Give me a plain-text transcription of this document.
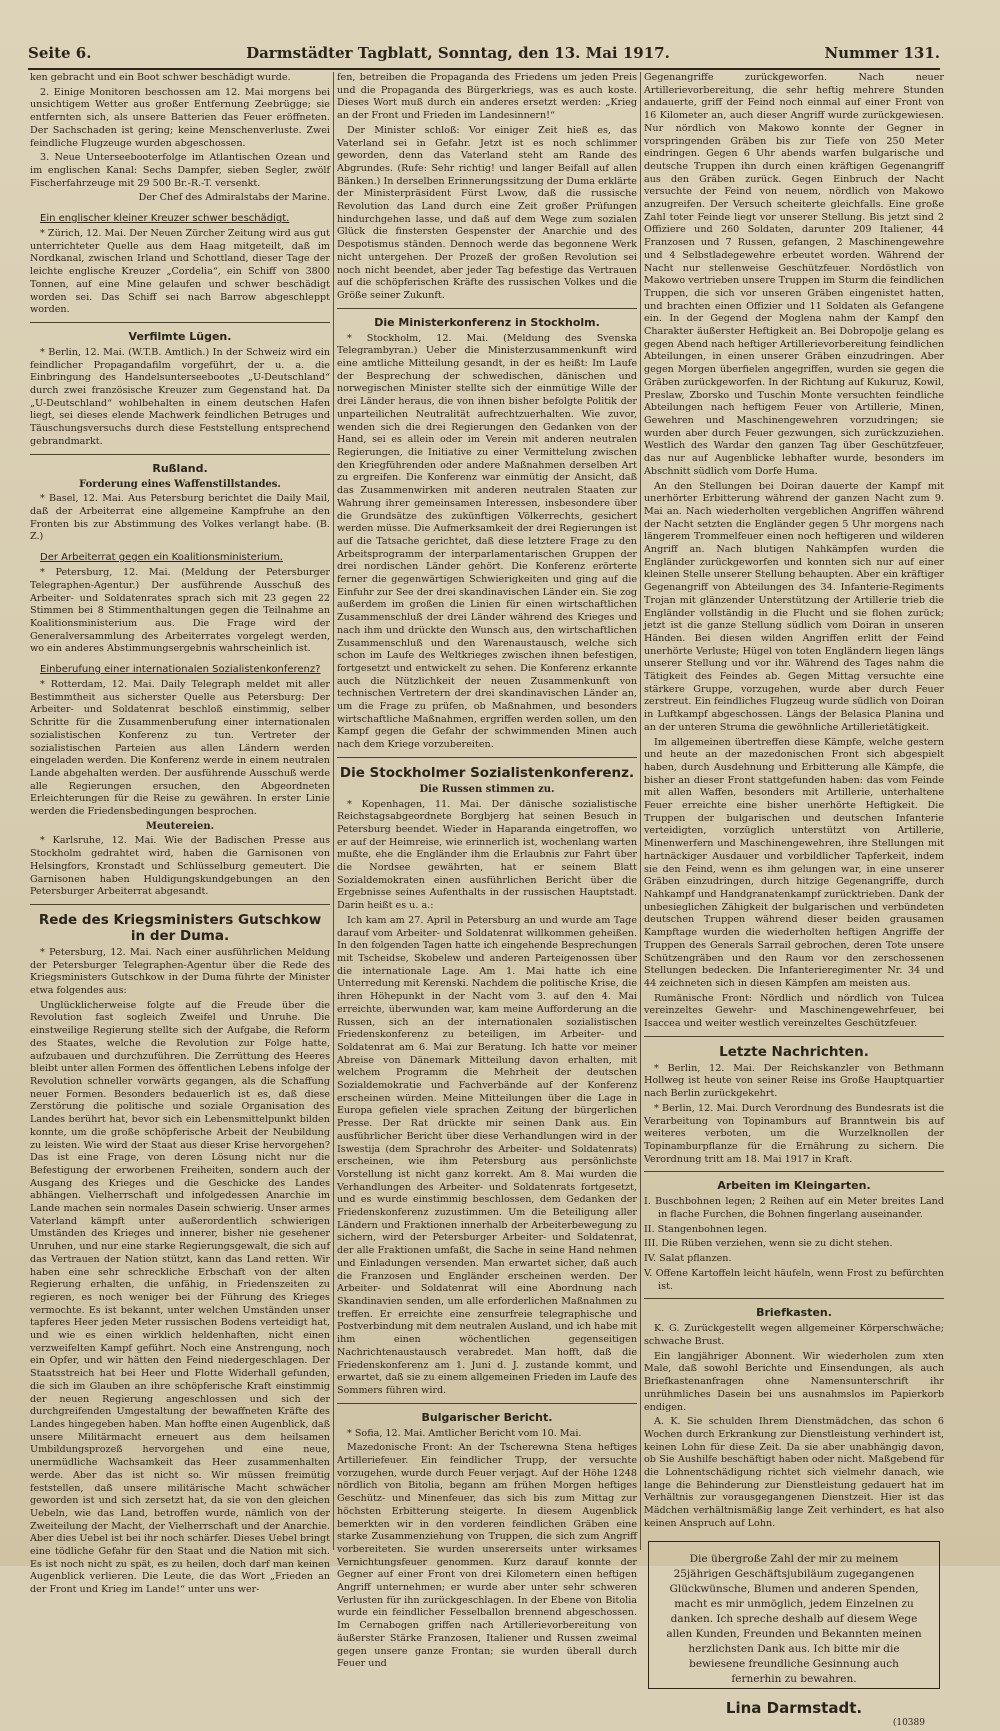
Seite 6.	Darmstädter Tagblatt, Sonntag, den 13. Mai 1917.	Nummer 131.

ken gebracht und ein Boot schwer beschädigt wurde.

2. Einige Monitoren beschossen am 12. Mai morgens bei unsichtigem Wetter aus großer Entfernung Zeebrügge; sie entfernten sich, als unsere Batterien das Feuer eröffneten. Der Sachschaden ist gering; keine Menschenverluste. Zwei feindliche Flugzeuge wurden abgeschossen.

3. Neue Unterseebooterfolge im Atlantischen Ozean und im englischen Kanal: Sechs Dampfer, sieben Segler, zwölf Fischerfahrzeuge mit 29 500 Br.-R.-T. versenkt.

Der Chef des Admiralstabs der Marine.

Ein englischer kleiner Kreuzer schwer beschädigt.

* Zürich, 12. Mai. Der Neuen Zürcher Zeitung wird aus gut unterrichteter Quelle aus dem Haag mitgeteilt, daß im Nordkanal, zwischen Irland und Schottland, dieser Tage der leichte englische Kreuzer „Cordelia“, ein Schiff von 3800 Tonnen, auf eine Mine gelaufen und schwer beschädigt worden sei. Das Schiff sei nach Barrow abgeschleppt worden.

Verfilmte Lügen.

* Berlin, 12. Mai. (W.T.B. Amtlich.) In der Schweiz wird ein feindlicher Propagandafilm vorgeführt, der u. a. die Einbringung des Handelsunterseebootes „U-Deutschland“ durch zwei französische Kreuzer zum Gegenstand hat. Da „U-Deutschland“ wohlbehalten in einem deutschen Hafen liegt, sei dieses elende Machwerk feindlichen Betruges und Täuschungsversuchs durch diese Feststellung entsprechend gebrandmarkt.

Rußland.
Forderung eines Waffenstillstandes.

* Basel, 12. Mai. Aus Petersburg berichtet die Daily Mail, daß der Arbeiterrat eine allgemeine Kampfruhe an den Fronten bis zur Abstimmung des Volkes verlangt habe. (B. Z.)

Der Arbeiterrat gegen ein Koalitionsministerium.

* Petersburg, 12. Mai. (Meldung der Petersburger Telegraphen-Agentur.) Der ausführende Ausschuß des Arbeiter- und Soldatenrates sprach sich mit 23 gegen 22 Stimmen bei 8 Stimmenthaltungen gegen die Teilnahme an Koalitionsministerium aus. Die Frage wird der Generalversammlung des Arbeiterrates vorgelegt werden, wo ein anderes Abstimmungsergebnis wahrscheinlich ist.

Einberufung einer internationalen Sozialistenkonferenz?

* Rotterdam, 12. Mai. Daily Telegraph meldet mit aller Bestimmtheit aus sicherster Quelle aus Petersburg: Der Arbeiter- und Soldatenrat beschloß einstimmig, selber Schritte für die Zusammenberufung einer internationalen sozialistischen Konferenz zu tun. Vertreter der sozialistischen Parteien aus allen Ländern werden eingeladen werden. Die Konferenz werde in einem neutralen Lande abgehalten werden. Der ausführende Ausschuß werde alle Regierungen ersuchen, den Abgeordneten Erleichterungen für die Reise zu gewähren. In erster Linie werden die Friedensbedingungen besprochen.

Meutereien.

* Karlsruhe, 12. Mai. Wie der Badischen Presse aus Stockholm gedrahtet wird, haben die Garnisonen von Helsingfors, Kronstadt und Schlüsselburg gemeutert. Die Garnisonen haben Huldigungskundgebungen an den Petersburger Arbeiterrat abgesandt.

Rede des Kriegsministers Gutschkow in der Duma.

* Petersburg, 12. Mai. Nach einer ausführlichen Meldung der Petersburger Telegraphen-Agentur über die Rede des Kriegsministers Gutschkow in der Duma führte der Minister etwa folgendes aus:

Unglücklicherweise folgte auf die Freude über die Revolution fast sogleich Zweifel und Unruhe. Die einstweilige Regierung stellte sich der Aufgabe, die Reform des Staates, welche die Revolution zur Folge hatte, aufzubauen und durchzuführen. Die Zerrüttung des Heeres bleibt unter allen Formen des öffentlichen Lebens infolge der Revolution schneller vorwärts gegangen, als die Schaffung neuer Formen. Besonders bedauerlich ist es, daß diese Zerstörung die politische und soziale Organisation des Landes berührt hat, bevor sich ein Lebensmittelpunkt bilden konnte, um die große schöpferische Arbeit der Neubildung zu leisten. Wie wird der Staat aus dieser Krise hervorgehen? Das ist eine Frage, von deren Lösung nicht nur die Befestigung der erworbenen Freiheiten, sondern auch der Ausgang des Krieges und die Geschicke des Landes abhängen. Vielherrschaft und infolgedessen Anarchie im Lande machen sein normales Dasein schwierig. Unser armes Vaterland kämpft unter außerordentlich schwierigen Umständen des Krieges und innerer, bisher nie gesehener Unruhen, und nur eine starke Regierungsgewalt, die sich auf das Vertrauen der Nation stützt, kann das Land retten. Wir haben eine sehr schreckliche Erbschaft von der alten Regierung erhalten, die unfähig, in Friedenszeiten zu regieren, es noch weniger bei der Führung des Krieges vermochte. Es ist bekannt, unter welchen Umständen unser tapferes Heer jeden Meter russischen Bodens verteidigt hat, und wie es einen wirklich heldenhaften, nicht einen verzweifelten Kampf geführt. Noch eine Anstrengung, noch ein Opfer, und wir hätten den Feind niedergeschlagen. Der Staatsstreich hat bei Heer und Flotte Widerhall gefunden, die sich im Glauben an ihre schöpferische Kraft einstimmig der neuen Regierung angeschlossen und sich der durchgreifenden Umgestaltung der bewaffneten Kräfte des Landes hingegeben haben. Man hoffte einen Augenblick, daß unsere Militärmacht erneuert aus dem heilsamen Umbildungsprozeß hervorgehen und eine neue, unermüdliche Wachsamkeit das Heer zusammenhalten werde. Aber das ist nicht so. Wir müssen freimütig feststellen, daß unsere militärische Macht schwächer geworden ist und sich zersetzt hat, da sie von den gleichen Uebeln, wie das Land, betroffen wurde, nämlich von der Zweiteilung der Macht, der Vielherrschaft und der Anarchie. Aber dies Uebel ist bei ihr noch schärfer. Dieses Uebel bringt eine tödliche Gefahr für den Staat und die Nation mit sich. Es ist noch nicht zu spät, es zu heilen, doch darf man keinen Augenblick verlieren. Die Leute, die das Wort „Frieden an der Front und Krieg im Lande!“ unter uns wer-

fen, betreiben die Propaganda des Friedens um jeden Preis und die Propaganda des Bürgerkriegs, was es auch koste. Dieses Wort muß durch ein anderes ersetzt werden: „Krieg an der Front und Frieden im Landesinnern!“

Der Minister schloß: Vor einiger Zeit hieß es, das Vaterland sei in Gefahr. Jetzt ist es noch schlimmer geworden, denn das Vaterland steht am Rande des Abgrundes. (Rufe: Sehr richtig! und langer Beifall auf allen Bänken.) In derselben Erinnerungssitzung der Duma erklärte der Ministerpräsident Fürst Lwow, daß die russische Revolution das Land durch eine Zeit großer Prüfungen hindurchgehen lasse, und daß auf dem Wege zum sozialen Glück die finstersten Gespenster der Anarchie und des Despotismus ständen. Dennoch werde das begonnene Werk nicht untergehen. Der Prozeß der großen Revolution sei noch nicht beendet, aber jeder Tag befestige das Vertrauen auf die schöpferischen Kräfte des russischen Volkes und die Größe seiner Zukunft.

Die Ministerkonferenz in Stockholm.

* Stockholm, 12. Mai. (Meldung des Svenska Telegrambyran.) Ueber die Ministerzusammenkunft wird eine amtliche Mitteilung gesandt, in der es heißt: Im Laufe der Besprechung der schwedischen, dänischen und norwegischen Minister stellte sich der einmütige Wille der drei Länder heraus, die von ihnen bisher befolgte Politik der unparteilichen Neutralität aufrechtzuerhalten. Wie zuvor, wenden sich die drei Regierungen den Gedanken von der Hand, sei es allein oder im Verein mit anderen neutralen Regierungen, die Initiative zu einer Vermittelung zwischen den Kriegführenden oder andere Maßnahmen derselben Art zu ergreifen. Die Konferenz war einmütig der Ansicht, daß das Zusammenwirken mit anderen neutralen Staaten zur Wahrung ihrer gemeinsamen Interessen, insbesondere über die Grundsätze des zukünftigen Völkerrechts, gesichert werden müsse. Die Aufmerksamkeit der drei Regierungen ist auf die Tatsache gerichtet, daß diese letztere Frage zu den Arbeitsprogramm der interparlamentarischen Gruppen der drei nordischen Länder gehört. Die Konferenz erörterte ferner die gegenwärtigen Schwierigkeiten und ging auf die Einfuhr zur See der drei skandinavischen Länder ein. Sie zog außerdem im großen die Linien für einen wirtschaftlichen Zusammenschluß der drei Länder während des Krieges und nach ihm und drückte den Wunsch aus, den wirtschaftlichen Zusammenschluß und den Warenaustausch, welche sich schon im Laufe des Weltkrieges zwischen ihnen befestigen, fortgesetzt und entwickelt zu sehen. Die Konferenz erkannte auch die Nützlichkeit der neuen Zusammenkunft von technischen Vertretern der drei skandinavischen Länder an, um die Frage zu prüfen, ob Maßnahmen, und besonders wirtschaftliche Maßnahmen, ergriffen werden sollen, um den Kampf gegen die Gefahr der schwimmenden Minen auch nach dem Kriege vorzubereiten.

Die Stockholmer Sozialistenkonferenz.
Die Russen stimmen zu.

* Kopenhagen, 11. Mai. Der dänische sozialistische Reichstagsabgeordnete Borgbjerg hat seinen Besuch in Petersburg beendet. Wieder in Haparanda eingetroffen, wo er auf der Heimreise, wie erinnerlich ist, wochenlang warten mußte, ehe die Engländer ihm die Erlaubnis zur Fahrt über die Nordsee gewährten, hat er seinem Blatt Sozialdemokraten einen ausführlichen Bericht über die Ergebnisse seines Aufenthalts in der russischen Hauptstadt. Darin heißt es u. a.:

Ich kam am 27. April in Petersburg an und wurde am Tage darauf vom Arbeiter- und Soldatenrat willkommen geheißen. In den folgenden Tagen hatte ich eingehende Besprechungen mit Tscheidse, Skobelew und anderen Parteigenossen über die internationale Lage. Am 1. Mai hatte ich eine Unterredung mit Kerenski. Nachdem die politische Krise, die ihren Höhepunkt in der Nacht vom 3. auf den 4. Mai erreichte, überwunden war, kam meine Aufforderung an die Russen, sich an der internationalen sozialistischen Friedenskonferenz zu beteiligen, im Arbeiter- und Soldatenrat am 6. Mai zur Beratung. Ich hatte vor meiner Abreise von Dänemark Mitteilung davon erhalten, mit welchem Programm die Mehrheit der deutschen Sozialdemokratie und Fachverbände auf der Konferenz erscheinen würden. Meine Mitteilungen über die Lage in Europa gefielen viele sprachen Zeitung der bürgerlichen Presse. Der Rat drückte mir seinen Dank aus. Ein ausführlicher Bericht über diese Verhandlungen wird in der Iswestija (dem Sprachrohr des Arbeiter- und Soldatenrats) erscheinen, wie ihm Petersburg aus persönlichste Vorstellung ist nicht ganz korrekt. Am 8. Mai wurden die Verhandlungen des Arbeiter- und Soldatenrats fortgesetzt, und es wurde einstimmig beschlossen, dem Gedanken der Friedenskonferenz zuzustimmen. Um die Beteiligung aller Ländern und Fraktionen innerhalb der Arbeiterbewegung zu sichern, wird der Petersburger Arbeiter- und Soldatenrat, der alle Fraktionen umfaßt, die Sache in seine Hand nehmen und Einladungen versenden. Man erwartet sicher, daß auch die Franzosen und Engländer erscheinen werden. Der Arbeiter- und Soldatenrat will eine Abordnung nach Skandinavien senden, um alle erforderlichen Maßnahmen zu treffen. Er erreichte eine zensurfreie telegraphische und Postverbindung mit dem neutralen Ausland, und ich habe mit ihm einen wöchentlichen gegenseitigen Nachrichtenaustausch verabredet. Man hofft, daß die Friedenskonferenz am 1. Juni d. J. zustande kommt, und erwartet, daß sie zu einem allgemeinen Frieden im Laufe des Sommers führen wird.

Bulgarischer Bericht.

* Sofia, 12. Mai. Amtlicher Bericht vom 10. Mai.

Mazedonische Front: An der Tscherewna Stena heftiges Artilleriefeuer. Ein feindlicher Trupp, der versuchte vorzugehen, wurde durch Feuer verjagt. Auf der Höhe 1248 nördlich von Bitolia, begann am frühen Morgen heftiges Geschütz- und Minenfeuer, das sich bis zum Mittag zur höchsten Erbitterung steigerte. In diesem Augenblick bemerkten wir in den vorderen feindlichen Gräben eine starke Zusammenziehung von Truppen, die sich zum Angriff vorbereiteten. Sie wurden unsererseits unter wirksames Vernichtungsfeuer genommen. Kurz darauf konnte der Gegner auf einer Front von drei Kilometern einen heftigen Angriff unternehmen; er wurde aber unter sehr schweren Verlusten für ihn zurückgeschlagen. In der Ebene von Bitolia wurde ein feindlicher Fesselballon brennend abgeschossen. Im Cernabogen griffen nach Artillerievorbereitung von äußerster Stärke Franzosen, Italiener und Russen zweimal gegen unsere ganze Frontan; sie wurden überall durch Feuer und

Gegenangriffe zurückgeworfen. Nach neuer Artillerievorbereitung, die sehr heftig mehrere Stunden andauerte, griff der Feind noch einmal auf einer Front von 16 Kilometer an, auch dieser Angriff wurde zurückgewiesen. Nur nördlich von Makowo konnte der Gegner in vorspringenden Gräben bis zur Tiefe von 250 Meter eindringen. Gegen 6 Uhr abends warfen bulgarische und deutsche Truppen ihn durch einen kräftigen Gegenangriff aus den Gräben zurück. Gegen Einbruch der Nacht versuchte der Feind von neuem, nördlich von Makowo anzugreifen. Der Versuch scheiterte gleichfalls. Eine große Zahl toter Feinde liegt vor unserer Stellung. Bis jetzt sind 2 Offiziere und 260 Soldaten, darunter 209 Italiener, 44 Franzosen und 7 Russen, gefangen, 2 Maschinengewehre und 4 Selbstladegewehre erbeutet worden. Während der Nacht nur stellenweise Geschützfeuer. Nordöstlich von Makowo vertrieben unsere Truppen im Sturm die feindlichen Truppen, die sich vor unseren Gräben eingenistet hatten, und brachten einen Offizier und 11 Soldaten als Gefangene ein. In der Gegend der Moglena nahm der Kampf den Charakter äußerster Heftigkeit an. Bei Dobropolje gelang es gegen Abend nach heftiger Artillerievorbereitung feindlichen Abteilungen, in einen unserer Gräben einzudringen. Aber gegen Morgen überfielen angegriffen, wurden sie gegen die Gräben zurückgeworfen. In der Richtung auf Kukuruz, Kowil, Preslaw, Zborsko und Tuschin Monte versuchten feindliche Abteilungen nach heftigem Feuer von Artillerie, Minen, Gewehren und Maschinengewehren vorzudringen; sie wurden aber durch Feuer gezwungen, sich zurückzuziehen. Westlich des Wardar den ganzen Tag über Geschützfeuer, das nur auf Augenblicke lebhafter wurde, besonders im Abschnitt südlich vom Dorfe Huma.

An den Stellungen bei Doiran dauerte der Kampf mit unerhörter Erbitterung während der ganzen Nacht zum 9. Mai an. Nach wiederholten vergeblichen Angriffen während der Nacht setzten die Engländer gegen 5 Uhr morgens nach längerem Trommelfeuer einen noch heftigeren und wilderen Angriff an. Nach blutigen Nahkämpfen wurden die Engländer zurückgeworfen und konnten sich nur auf einer kleinen Stelle unserer Stellung behaupten. Aber ein kräftiger Gegenangriff von Abteilungen des 34. Infanterie-Regiments Trojan mit glänzender Unterstützung der Artillerie trieb die Engländer vollständig in die Flucht und sie flohen zurück; jetzt ist die ganze Stellung südlich vom Doiran in unseren Händen. Bei diesen wilden Angriffen erlitt der Feind unerhörte Verluste; Hügel von toten Engländern liegen längs unserer Stellung und vor ihr. Während des Tages nahm die Tätigkeit des Feindes ab. Gegen Mittag versuchte eine stärkere Gruppe, vorzugehen, wurde aber durch Feuer zerstreut. Ein feindliches Flugzeug wurde südlich von Doiran in Luftkampf abgeschossen. Längs der Belasica Planina und an der unteren Struma die gewöhnliche Artillerietätigkeit.

Im allgemeinen übertreffen diese Kämpfe, welche gestern und heute an der mazedonischen Front sich abgespielt haben, durch Ausdehnung und Erbitterung alle Kämpfe, die bisher an dieser Front stattgefunden haben: das vom Feinde mit allen Waffen, besonders mit Artillerie, unterhaltene Feuer erreichte eine bisher unerhörte Heftigkeit. Die Truppen der bulgarischen und deutschen Infanterie verteidigten, vorzüglich unterstützt von Artillerie, Minenwerfern und Maschinengewehren, ihre Stellungen mit hartnäckiger Ausdauer und vorbildlicher Tapferkeit, indem sie den Feind, wenn es ihm gelungen war, in eine unserer Gräben einzudringen, durch hitzige Gegenangriffe, durch Nahkampf und Handgranatenkampf zurücktrieben. Dank der unbesieglichen Zähigkeit der bulgarischen und verbündeten deutschen Truppen während dieser beiden grausamen Kampftage wurden die wiederholten heftigen Angriffe der Truppen des Generals Sarrail gebrochen, deren Tote unsere Schützengräben und den Raum vor den zerschossenen Stellungen bedecken. Die Infanterieregimenter Nr. 34 und 44 zeichneten sich in diesen Kämpfen am meisten aus.

Rumänische Front: Nördlich und nördlich von Tulcea vereinzeltes Gewehr- und Maschinengewehrfeuer, bei Isaccea und weiter westlich vereinzeltes Geschützfeuer.

Letzte Nachrichten.

* Berlin, 12. Mai. Der Reichskanzler von Bethmann Hollweg ist heute von seiner Reise ins Große Hauptquartier nach Berlin zurückgekehrt.

* Berlin, 12. Mai. Durch Verordnung des Bundesrats ist die Verarbeitung von Topinamburs auf Branntwein bis auf weiteres verboten, um die Wurzelknollen der Topinamburpflanze für die Ernährung zu sichern. Die Verordnung tritt am 18. Mai 1917 in Kraft.

Arbeiten im Kleingarten.

I. Buschbohnen legen; 2 Reihen auf ein Meter breites Land in flache Furchen, die Bohnen fingerlang auseinander.

II. Stangenbohnen legen.

III. Die Rüben verziehen, wenn sie zu dicht stehen.

IV. Salat pflanzen.

V. Offene Kartoffeln leicht häufeln, wenn Frost zu befürchten ist.

Briefkasten.

K. G. Zurückgestellt wegen allgemeiner Körperschwäche; schwache Brust.

Ein langjähriger Abonnent. Wir wiederholen zum xten Male, daß sowohl Berichte und Einsendungen, als auch Briefkastenanfragen ohne Namensunterschrift ihr unrühmliches Dasein bei uns ausnahmslos im Papierkorb endigen.

A. K. Sie schulden Ihrem Dienstmädchen, das schon 6 Wochen durch Erkrankung zur Dienstleistung verhindert ist, keinen Lohn für diese Zeit. Da sie aber unabhängig davon, ob Sie Aushilfe beschäftigt haben oder nicht. Maßgebend für die Lohnentschädigung richtet sich vielmehr danach, wie lange die Behinderung zur Dienstleistung gedauert hat im Verhältnis zur vorausgegangenen Dienstzeit. Hier ist das Mädchen verhältnismäßig lange Zeit verhindert, es hat also keinen Anspruch auf Lohn.

Die übergroße Zahl der mir zu meinem 25jährigen Geschäftsjubiläum zugegangenen Glückwünsche, Blumen und anderen Spenden, macht es mir unmöglich, jedem Einzelnen zu danken. Ich spreche deshalb auf diesem Wege allen Kunden, Freunden und Bekannten meinen herzlichsten Dank aus. Ich bitte mir die bewiesene freundliche Gesinnung auch fernerhin zu bewahren.
Lina Darmstadt.
(10389
